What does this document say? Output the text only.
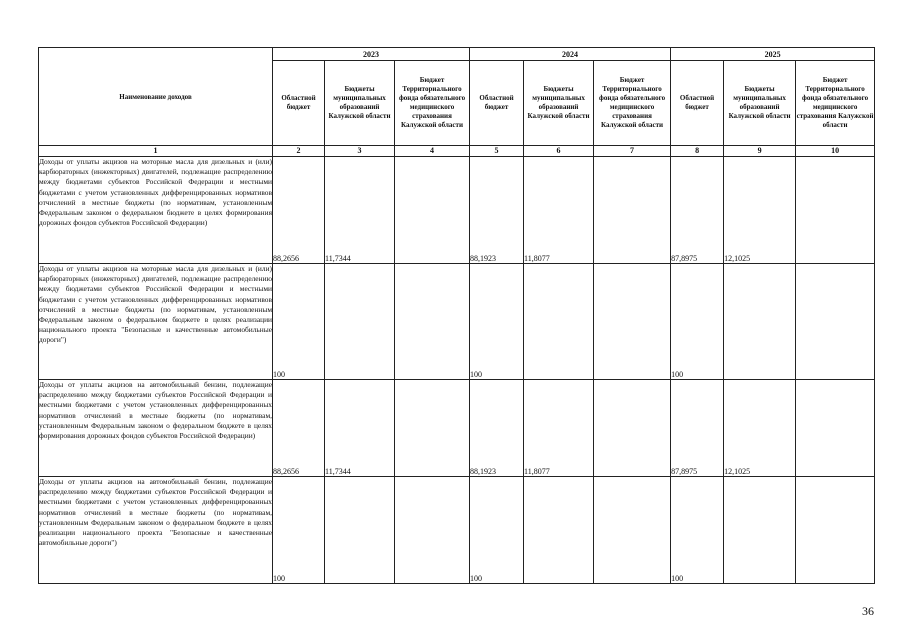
Наименование доходов	2023			2024			2025		
	Областной бюджет	Бюджеты муниципальных образований Калужской области	Бюджет Территориального фонда обязательного медицинского страхования Калужской области	Областной бюджет	Бюджеты муниципальных образований Калужской области	Бюджет Территориального фонда обязательного медицинского страхования Калужской области	Областной бюджет	Бюджеты муниципальных образований Калужской области	Бюджет Территориального фонда обязательного медицинского страхования Калужской области
1	2	3	4	5	6	7	8	9	10
Доходы от уплаты акцизов на моторные масла для дизельных и (или) карбюраторных (инжекторных) двигателей, подлежащие распределению между бюджетами субъектов Российской Федерации и местными бюджетами с учетом установленных дифференцированных нормативов отчислений в местные бюджеты (по нормативам, установленным Федеральным законом о федеральном бюджете в целях формирования дорожных фондов субъектов Российской Федерации)	88,2656	11,7344		88,1923	11,8077		87,8975	12,1025	
Доходы от уплаты акцизов на моторные масла для дизельных и (или) карбюраторных (инжекторных) двигателей, подлежащие распределению между бюджетами субъектов Российской Федерации и местными бюджетами с учетом установленных дифференцированных нормативов отчислений в местные бюджеты (по нормативам, установленным Федеральным законом о федеральном бюджете в целях реализации национального проекта "Безопасные и качественные автомобильные дороги")	100			100			100		
Доходы от уплаты акцизов на автомобильный бензин, подлежащие распределению между бюджетами субъектов Российской Федерации и местными бюджетами с учетом установленных дифференцированных нормативов отчислений в местные бюджеты (по нормативам, установленным Федеральным законом о федеральном бюджете в целях формирования дорожных фондов субъектов Российской Федерации)	88,2656	11,7344		88,1923	11,8077		87,8975	12,1025	
Доходы от уплаты акцизов на автомобильный бензин, подлежащие распределению между бюджетами субъектов Российской Федерации и местными бюджетами с учетом установленных дифференцированных нормативов отчислений в местные бюджеты (по нормативам, установленным Федеральным законом о федеральном бюджете в целях реализации национального проекта "Безопасные и качественные автомобильные дороги")	100			100			100		
36
